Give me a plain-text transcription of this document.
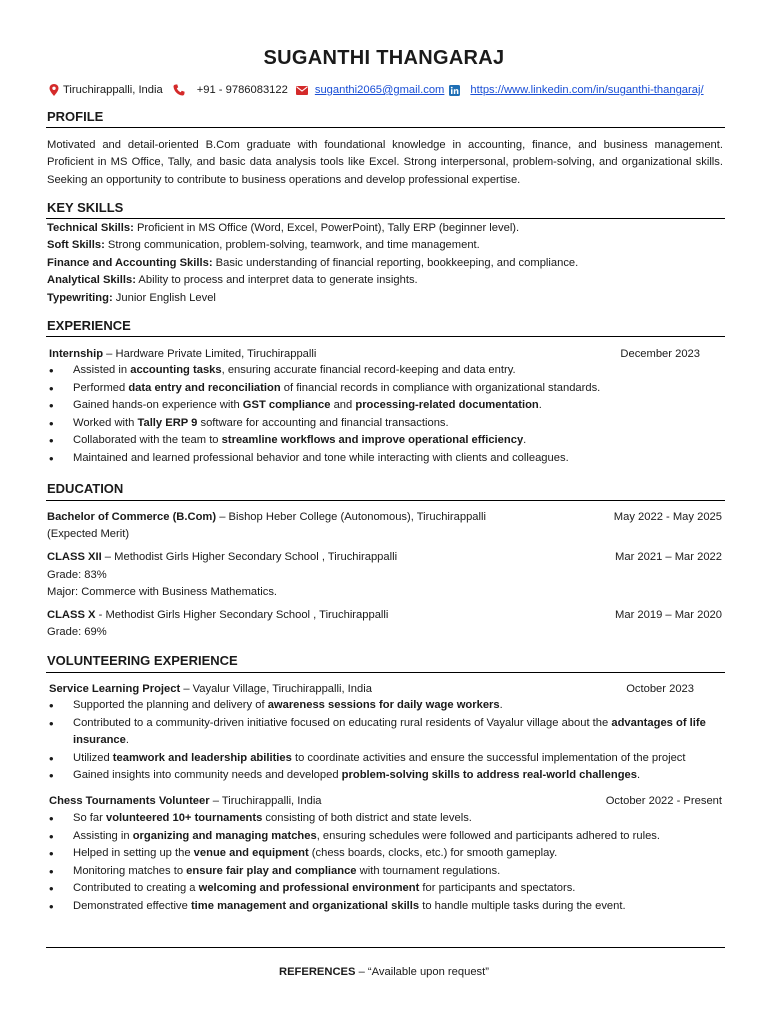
SUGANTHI THANGARAJ
Tiruchirappalli, India	+91 - 9786083122 suganthi2065@gmail.com https://www.linkedin.com/in/suganthi-thangaraj/
PROFILE
Motivated and detail-oriented B.Com graduate with foundational knowledge in accounting, finance, and business management. Proficient in MS Office, Tally, and basic data analysis tools like Excel. Strong interpersonal, problem-solving, and organizational skills. Seeking an opportunity to contribute to business operations and develop professional expertise.
KEY SKILLS
Technical Skills: Proficient in MS Office (Word, Excel, PowerPoint), Tally ERP (beginner level).
Soft Skills: Strong communication, problem-solving, teamwork, and time management.
Finance and Accounting Skills: Basic understanding of financial reporting, bookkeeping, and compliance.
Analytical Skills: Ability to process and interpret data to generate insights.
Typewriting: Junior English Level
EXPERIENCE
Internship – Hardware Private Limited, Tiruchirappalli	December 2023
• Assisted in accounting tasks, ensuring accurate financial record-keeping and data entry.
• Performed data entry and reconciliation of financial records in compliance with organizational standards.
• Gained hands-on experience with GST compliance and processing-related documentation.
• Worked with Tally ERP 9 software for accounting and financial transactions.
• Collaborated with the team to streamline workflows and improve operational efficiency.
• Maintained and learned professional behavior and tone while interacting with clients and colleagues.
EDUCATION
Bachelor of Commerce (B.Com) – Bishop Heber College (Autonomous), Tiruchirappalli	May 2022 - May 2025
(Expected Merit)
CLASS XII – Methodist Girls Higher Secondary School , Tiruchirappalli	Mar 2021 – Mar 2022
Grade: 83%
Major: Commerce with Business Mathematics.
CLASS X - Methodist Girls Higher Secondary School , Tiruchirappalli	Mar 2019 – Mar 2020
Grade: 69%
VOLUNTEERING EXPERIENCE
Service Learning Project – Vayalur Village, Tiruchirappalli, India	October 2023
• Supported the planning and delivery of awareness sessions for daily wage workers.
• Contributed to a community-driven initiative focused on educating rural residents of Vayalur village about the advantages of life insurance.
• Utilized teamwork and leadership abilities to coordinate activities and ensure the successful implementation of the project
• Gained insights into community needs and developed problem-solving skills to address real-world challenges.
Chess Tournaments Volunteer – Tiruchirappalli, India	October 2022 - Present
• So far volunteered 10+ tournaments consisting of both district and state levels.
• Assisting in organizing and managing matches, ensuring schedules were followed and participants adhered to rules.
• Helped in setting up the venue and equipment (chess boards, clocks, etc.) for smooth gameplay.
• Monitoring matches to ensure fair play and compliance with tournament regulations.
• Contributed to creating a welcoming and professional environment for participants and spectators.
• Demonstrated effective time management and organizational skills to handle multiple tasks during the event.
REFERENCES – “Available upon request”
